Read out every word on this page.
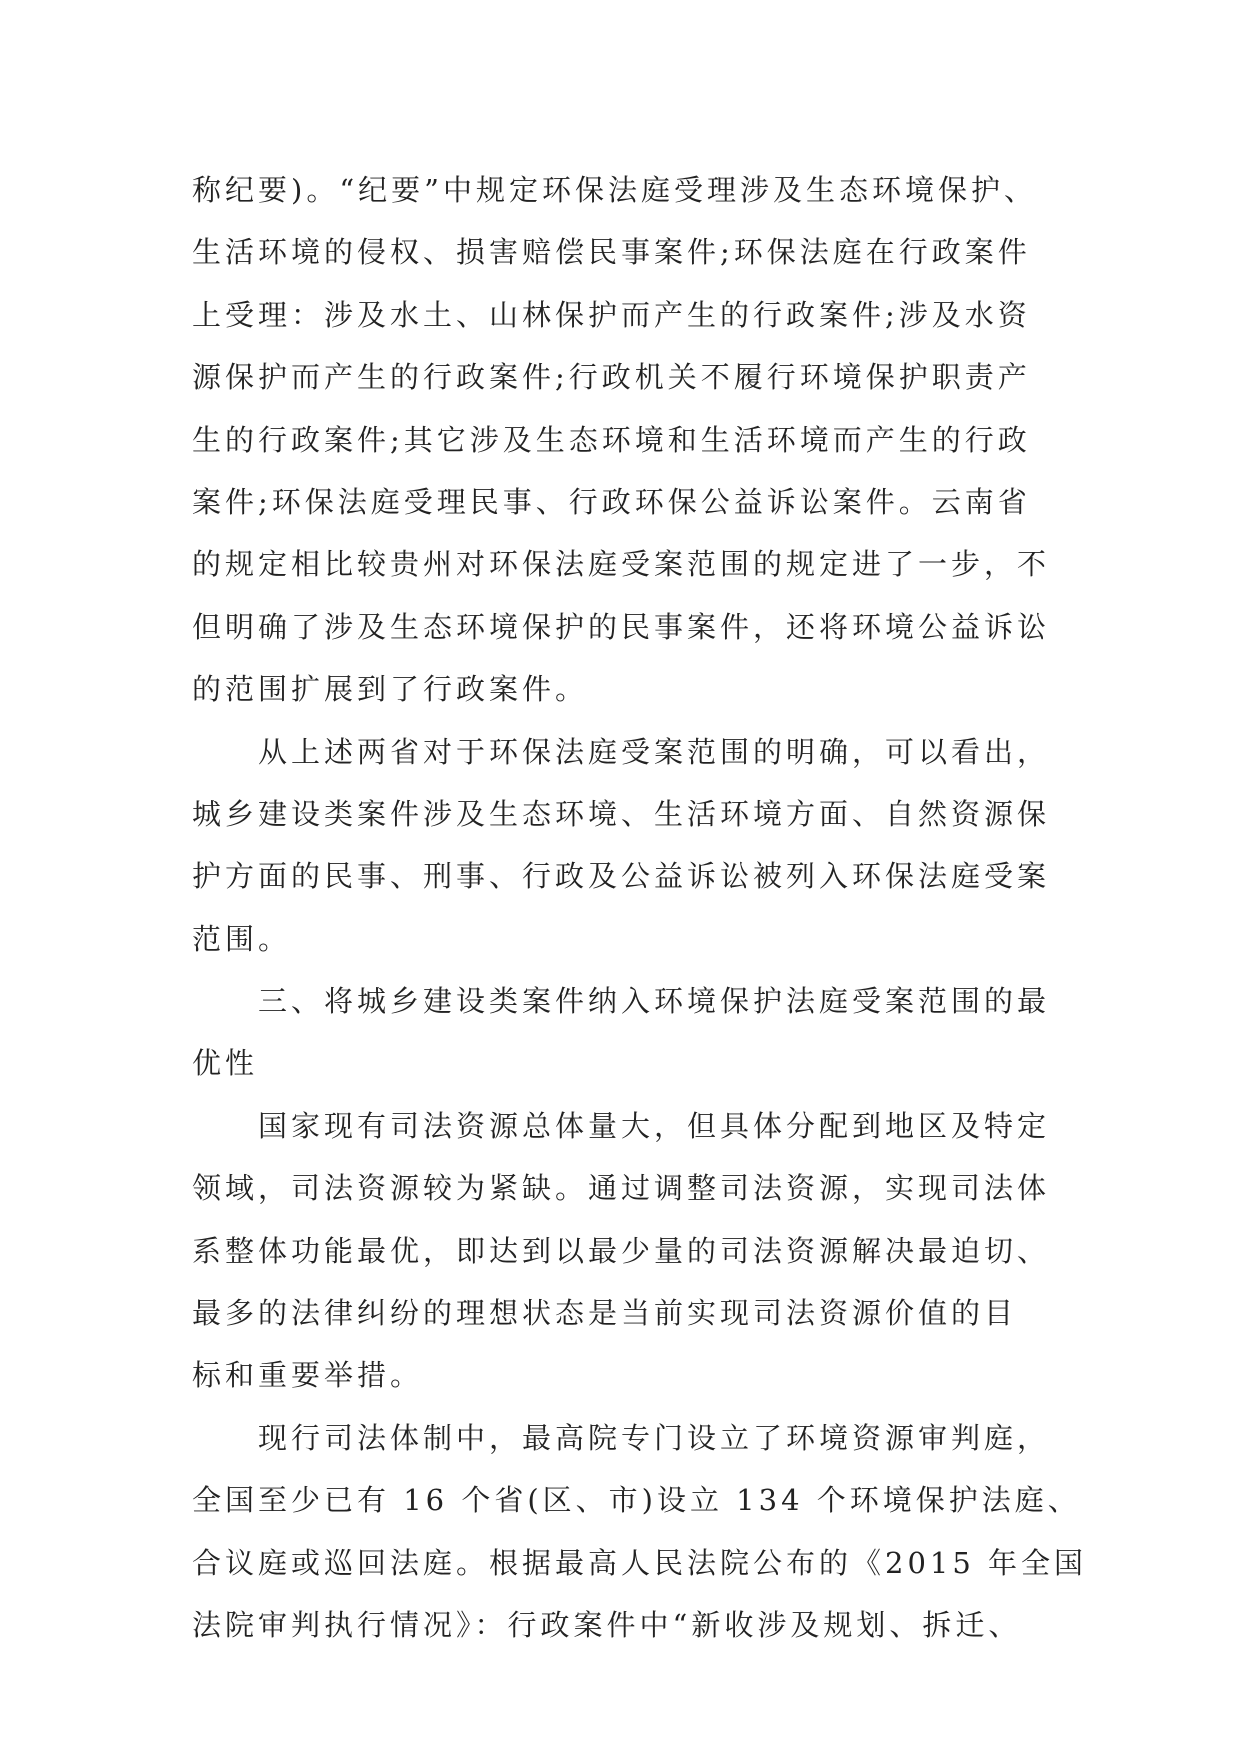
称纪要)。“纪要”中规定环保法庭受理涉及生态环境保护、
生活环境的侵权、损害赔偿民事案件;环保法庭在行政案件
上受理：涉及水土、山林保护而产生的行政案件;涉及水资
源保护而产生的行政案件;行政机关不履行环境保护职责产
生的行政案件;其它涉及生态环境和生活环境而产生的行政
案件;环保法庭受理民事、行政环保公益诉讼案件。云南省
的规定相比较贵州对环保法庭受案范围的规定进了一步，不
但明确了涉及生态环境保护的民事案件，还将环境公益诉讼
的范围扩展到了行政案件。
　　从上述两省对于环保法庭受案范围的明确，可以看出，
城乡建设类案件涉及生态环境、生活环境方面、自然资源保
护方面的民事、刑事、行政及公益诉讼被列入环保法庭受案
范围。
　　三、将城乡建设类案件纳入环境保护法庭受案范围的最
优性
　　国家现有司法资源总体量大，但具体分配到地区及特定
领域，司法资源较为紧缺。通过调整司法资源，实现司法体
系整体功能最优，即达到以最少量的司法资源解决最迫切、
最多的法律纠纷的理想状态是当前实现司法资源价值的目
标和重要举措。
　　现行司法体制中，最高院专门设立了环境资源审判庭，
全国至少已有 16 个省(区、市)设立 134 个环境保护法庭、
合议庭或巡回法庭。根据最高人民法院公布的《2015 年全国
法院审判执行情况》：行政案件中“新收涉及规划、拆迁、
